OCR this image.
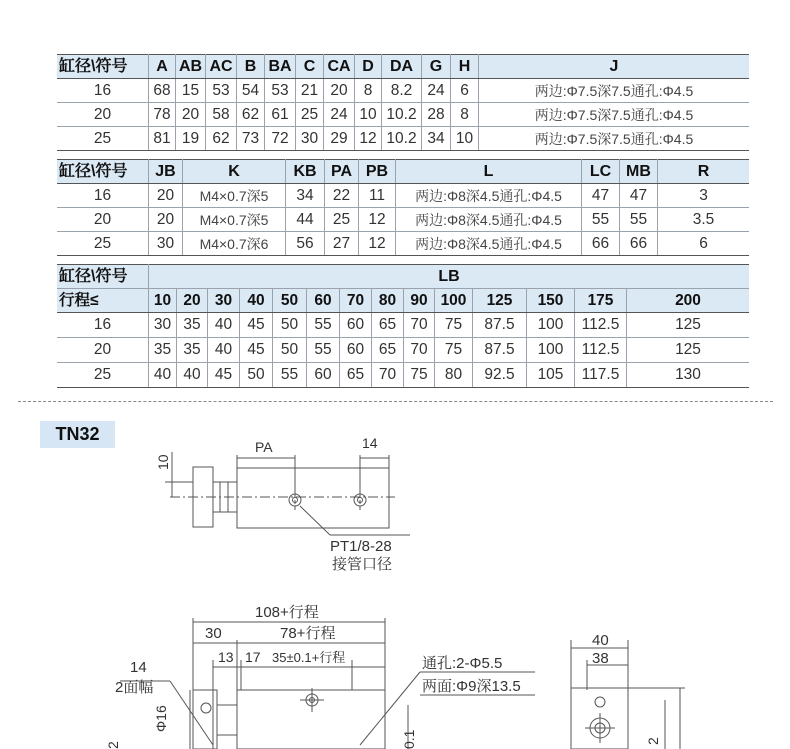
缸径\符号	A	AB	AC	B	BA	C	CA	D	DA	G	H	J
16	68	15	53	54	53	21	20	8	8.2	24	6	两边:Φ7.5深7.5通孔:Φ4.5
20	78	20	58	62	61	25	24	10	10.2	28	8	两边:Φ7.5深7.5通孔:Φ4.5
25	81	19	62	73	72	30	29	12	10.2	34	10	两边:Φ7.5深7.5通孔:Φ4.5
缸径\符号	JB	K	KB	PA	PB	L	LC	MB	R
16	20	M4×0.7深5	34	22	11	两边:Φ8深4.5通孔:Φ4.5	47	47	3
20	20	M4×0.7深5	44	25	12	两边:Φ8深4.5通孔:Φ4.5	55	55	3.5
25	30	M4×0.7深6	56	27	12	两边:Φ8深4.5通孔:Φ4.5	66	66	6
缸径\符号	LB													
行程≤	10	20	30	40	50	60	70	80	90	100	125	150	175	200
16	30	35	40	45	50	55	60	65	70	75	87.5	100	112.5	125
20	35	35	40	45	50	55	60	65	70	75	87.5	100	112.5	125
25	40	40	45	50	55	60	65	70	75	80	92.5	105	117.5	130
TN32
PA	14
10
PT1/8-28
接管口径
108+行程
30	78+行程
13 17 35±0.1+行程
14
2面幅
通孔:2-Φ5.5
两面:Φ9深13.5
Φ16
2	0.1
40
38
2
